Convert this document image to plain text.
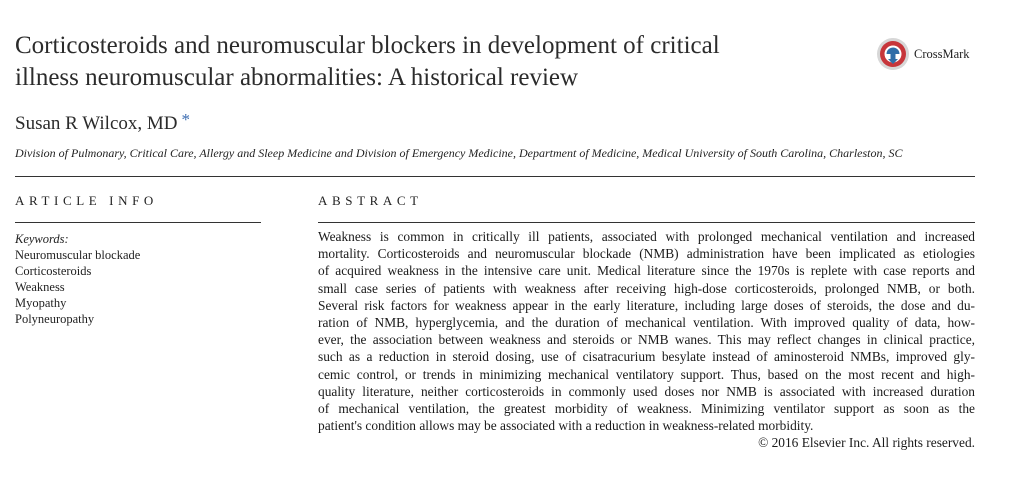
Corticosteroids and neuromuscular blockers in development of critical
illness neuromuscular abnormalities: A historical review
CrossMark
Susan R Wilcox, MD *
Division of Pulmonary, Critical Care, Allergy and Sleep Medicine and Division of Emergency Medicine, Department of Medicine, Medical University of South Carolina, Charleston, SC
ARTICLE INFO	ABSTRACT
Keywords:
Neuromuscular blockade
Corticosteroids
Weakness
Myopathy
Polyneuropathy
Weakness is common in critically ill patients, associated with prolonged mechanical ventilation and increased
mortality. Corticosteroids and neuromuscular blockade (NMB) administration have been implicated as etiologies
of acquired weakness in the intensive care unit. Medical literature since the 1970s is replete with case reports and
small case series of patients with weakness after receiving high-dose corticosteroids, prolonged NMB, or both.
Several risk factors for weakness appear in the early literature, including large doses of steroids, the dose and du-
ration of NMB, hyperglycemia, and the duration of mechanical ventilation. With improved quality of data, how-
ever, the association between weakness and steroids or NMB wanes. This may reflect changes in clinical practice,
such as a reduction in steroid dosing, use of cisatracurium besylate instead of aminosteroid NMBs, improved gly-
cemic control, or trends in minimizing mechanical ventilatory support. Thus, based on the most recent and high-
quality literature, neither corticosteroids in commonly used doses nor NMB is associated with increased duration
of mechanical ventilation, the greatest morbidity of weakness. Minimizing ventilator support as soon as the
patient's condition allows may be associated with a reduction in weakness-related morbidity.
© 2016 Elsevier Inc. All rights reserved.
